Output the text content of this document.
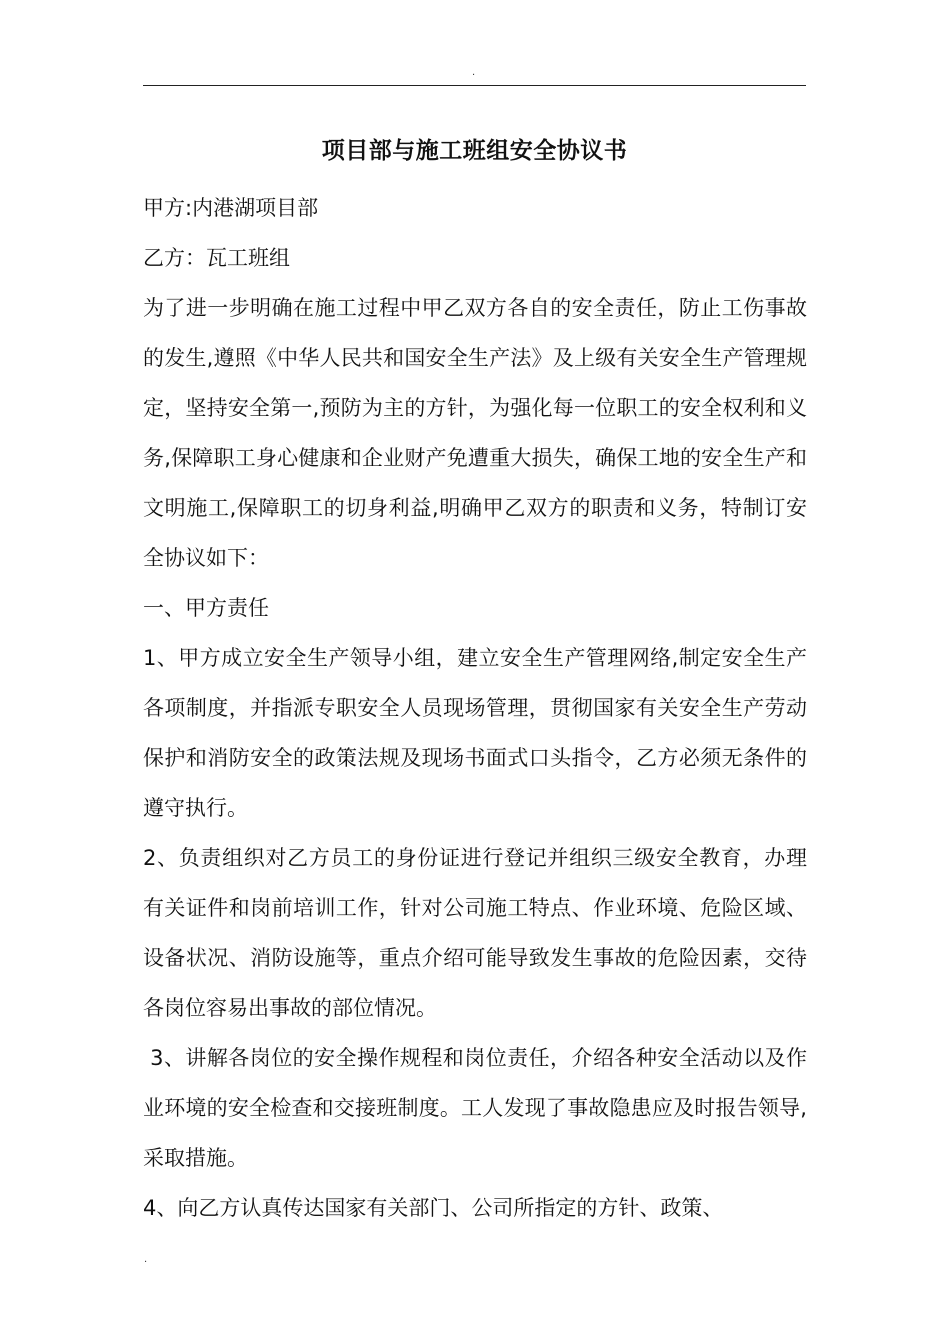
.
项目部与施工班组安全协议书

甲方:内港湖项目部

乙方：瓦工班组

为了进一步明确在施工过程中甲乙双方各自的安全责任，防止工伤事故的发生,遵照《中华人民共和国安全生产法》及上级有关安全生产管理规定，坚持安全第一,预防为主的方针，为强化每一位职工的安全权利和义务,保障职工身心健康和企业财产免遭重大损失，确保工地的安全生产和文明施工,保障职工的切身利益,明确甲乙双方的职责和义务，特制订安全协议如下：

一、甲方责任

1、甲方成立安全生产领导小组，建立安全生产管理网络,制定安全生产各项制度，并指派专职安全人员现场管理，贯彻国家有关安全生产劳动保护和消防安全的政策法规及现场书面式口头指令，乙方必须无条件的遵守执行。

2、负责组织对乙方员工的身份证进行登记并组织三级安全教育，办理有关证件和岗前培训工作，针对公司施工特点、作业环境、危险区域、设备状况、消防设施等，重点介绍可能导致发生事故的危险因素，交待各岗位容易出事故的部位情况。

3、讲解各岗位的安全操作规程和岗位责任，介绍各种安全活动以及作业环境的安全检查和交接班制度。工人发现了事故隐患应及时报告领导,采取措施。

4、向乙方认真传达国家有关部门、公司所指定的方针、政策、

.
